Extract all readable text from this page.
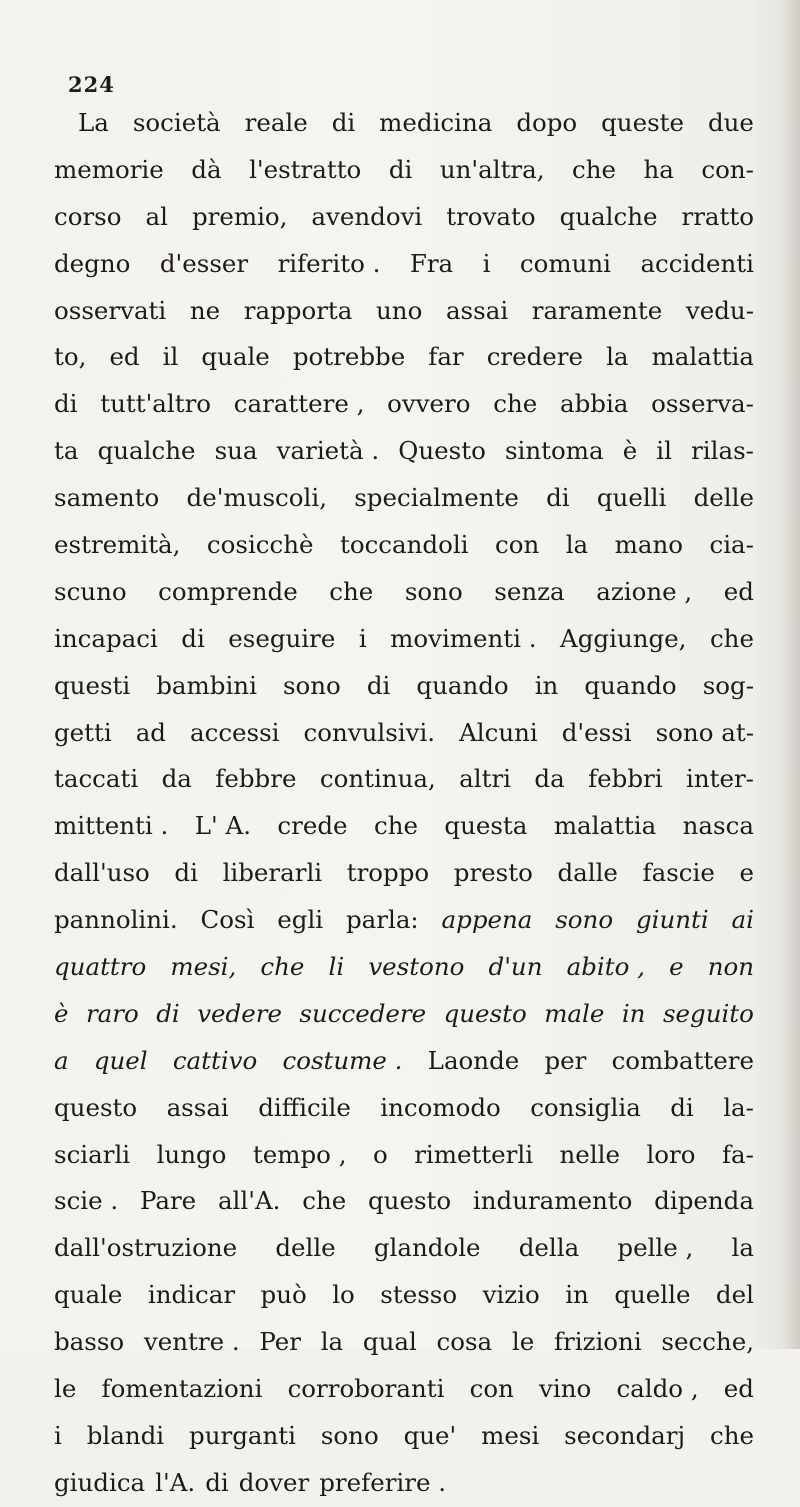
224
La società reale di medicina dopo queste due
memorie dà l'estratto di un'altra, che ha con-
corso al premio, avendovi trovato qualche rratto
degno d'esser riferito . Fra i comuni accidenti
osservati ne rapporta uno assai raramente vedu-
to, ed il quale potrebbe far credere la malattia
di tutt'altro carattere , ovvero che abbia osserva-
ta qualche sua varietà . Questo sintoma è il rilas-
samento de'muscoli, specialmente di quelli delle
estremità, cosicchè toccandoli con la mano cia-
scuno comprende che sono senza azione , ed
incapaci di eseguire i movimenti . Aggiunge, che
questi bambini sono di quando in quando sog-
getti ad accessi convulsivi. Alcuni d'essi sono at-
taccati da febbre continua, altri da febbri inter-
mittenti . L' A. crede che questa malattia nasca
dall'uso di liberarli troppo presto dalle fascie e
pannolini. Così egli parla: appena sono giunti ai
quattro mesi, che li vestono d'un abito , e non
è raro di vedere succedere questo male in seguito
a quel cattivo costume . Laonde per combattere
questo assai difficile incomodo consiglia di la-
sciarli lungo tempo , o rimetterli nelle loro fa-
scie . Pare all'A. che questo induramento dipenda
dall'ostruzione delle glandole della pelle , la
quale indicar può lo stesso vizio in quelle del
basso ventre . Per la qual cosa le frizioni secche,
le fomentazioni corroboranti con vino caldo , ed
i blandi purganti sono que' mesi secondarj che
giudica l'A. di dover preferire .
